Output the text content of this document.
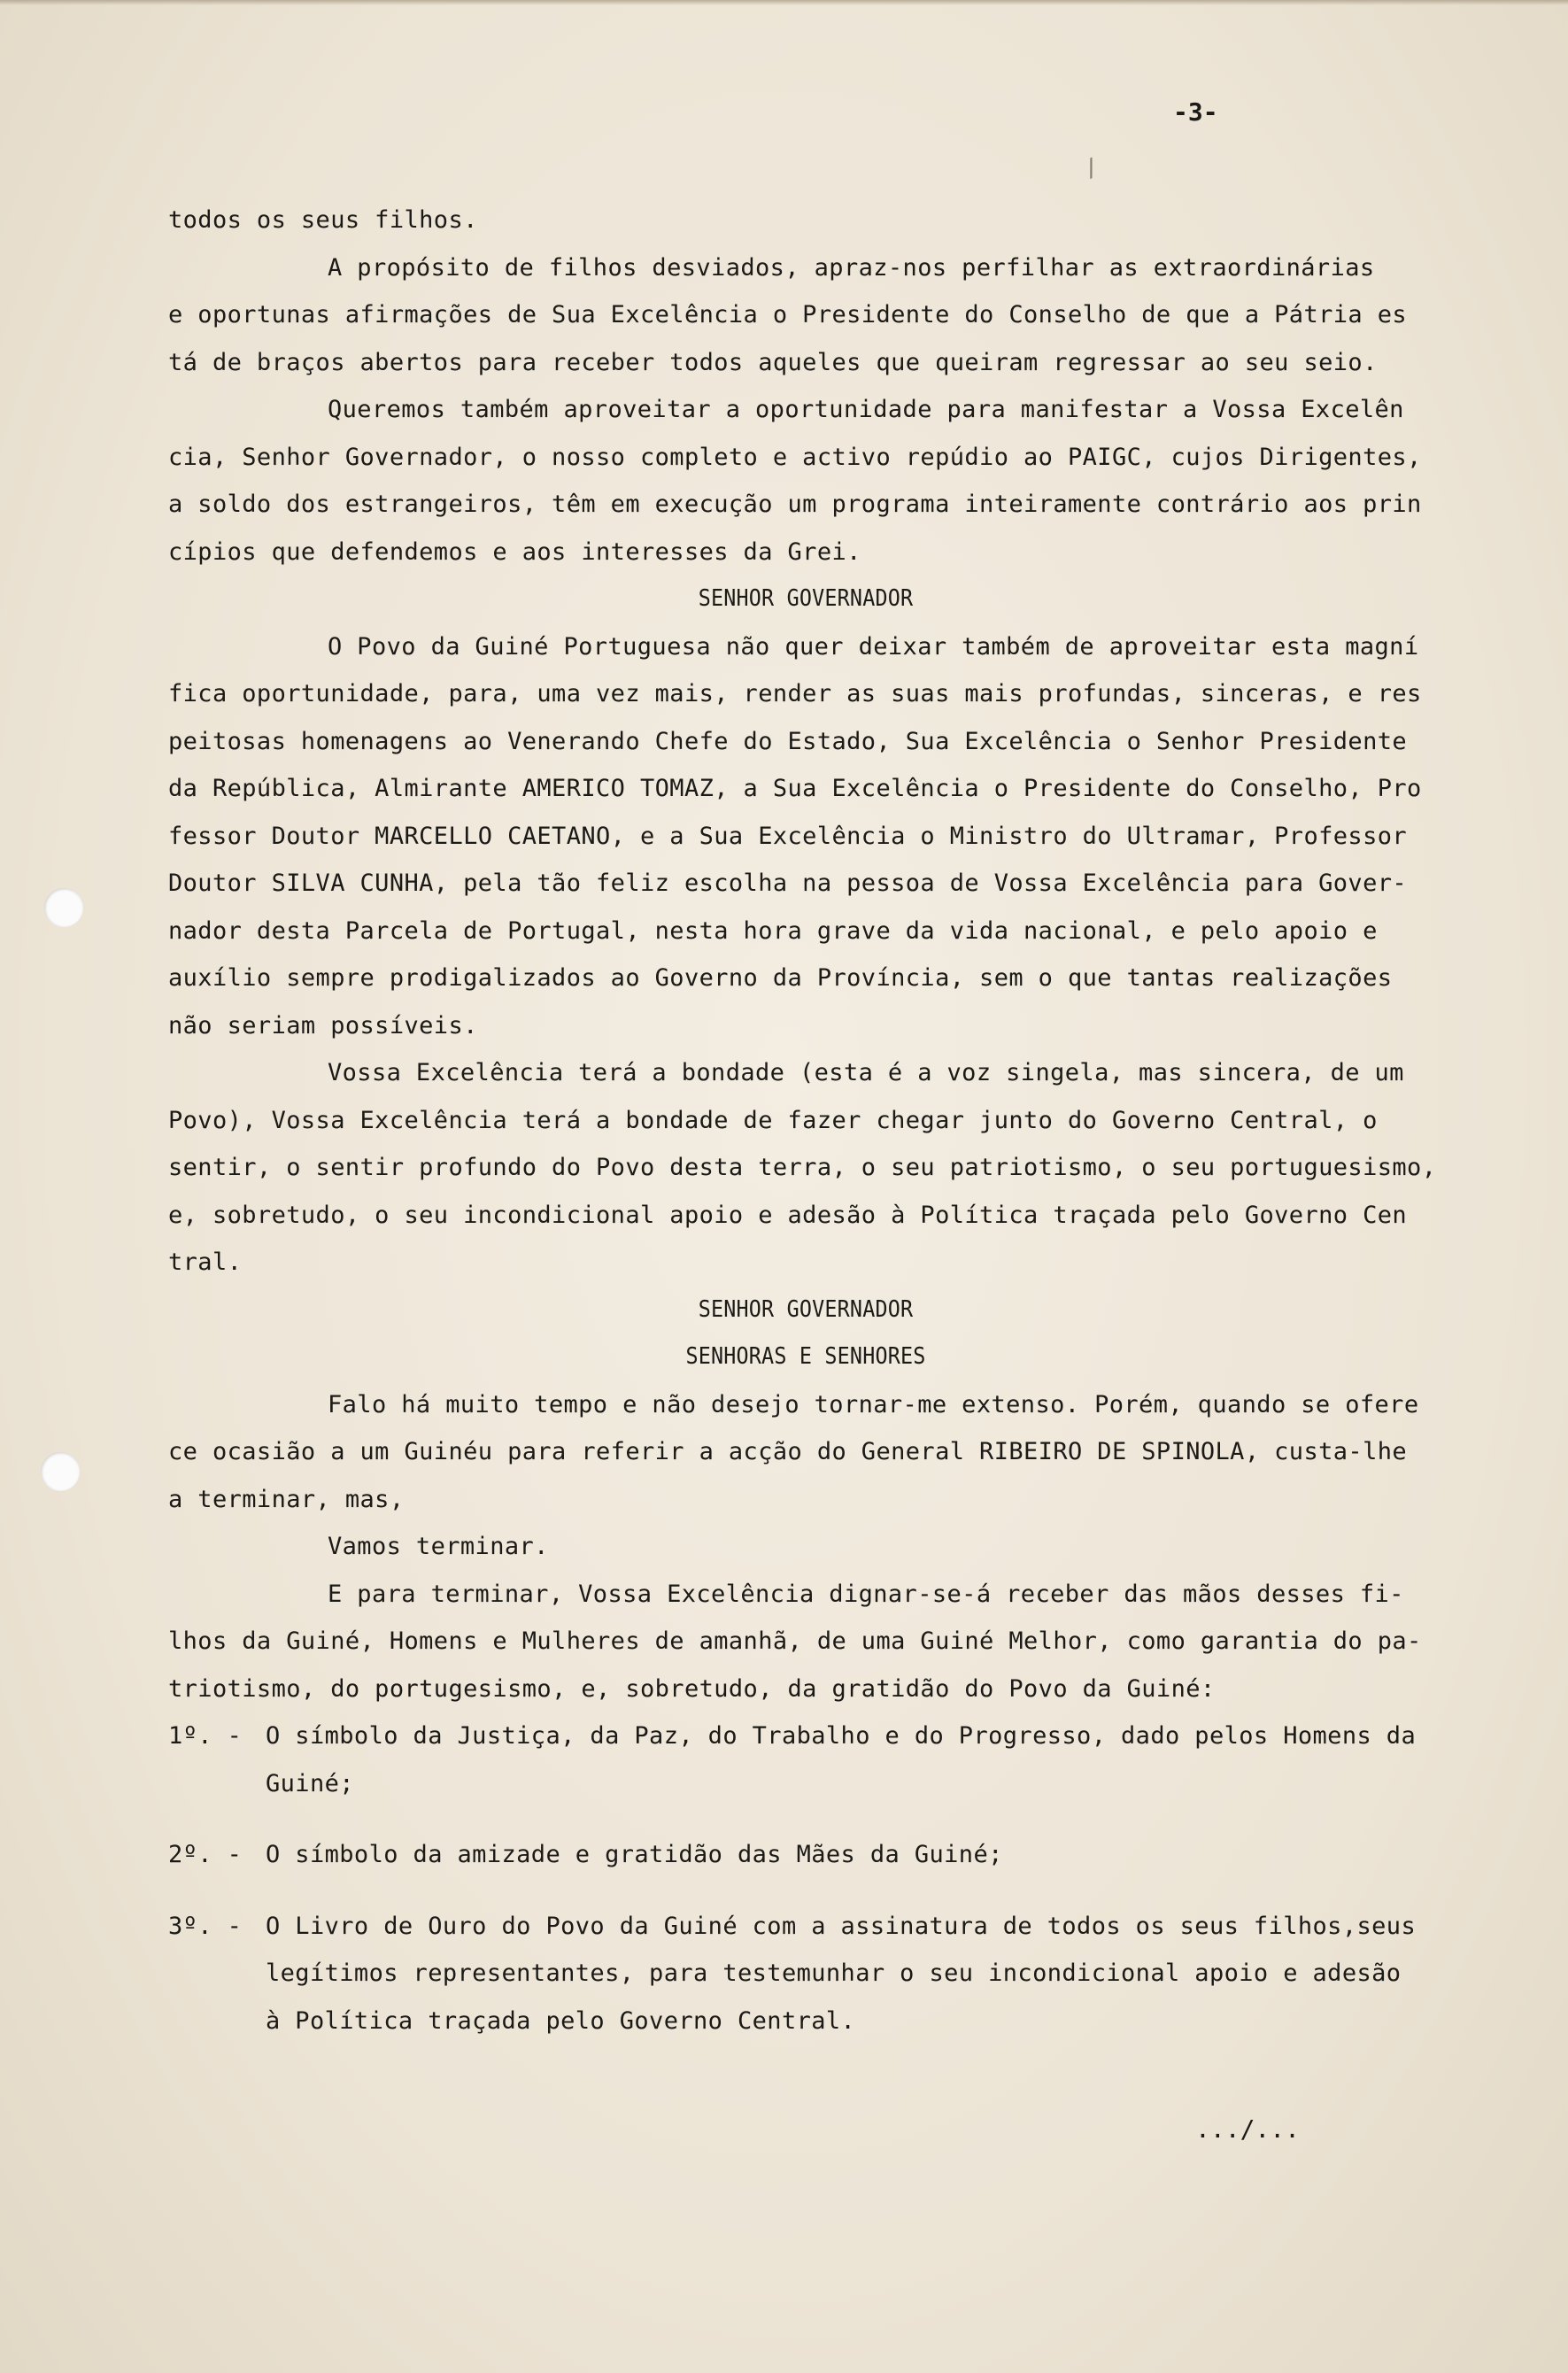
/
-3-
todos os seus filhos.
A propósito de filhos desviados, apraz-nos perfilhar as extraordinárias
e oportunas afirmações de Sua Excelência o Presidente do Conselho de que a Pátria es
tá de braços abertos para receber todos aqueles que queiram regressar ao seu seio.
Queremos também aproveitar a oportunidade para manifestar a Vossa Excelên
cia, Senhor Governador, o nosso completo e activo repúdio ao PAIGC, cujos Dirigentes,
a soldo dos estrangeiros, têm em execução um programa inteiramente contrário aos prin
cípios que defendemos e aos interesses da Grei.
SENHOR GOVERNADOR
O Povo da Guiné Portuguesa não quer deixar também de aproveitar esta magní
fica oportunidade, para, uma vez mais, render as suas mais profundas, sinceras, e res
peitosas homenagens ao Venerando Chefe do Estado, Sua Excelência o Senhor Presidente
da República, Almirante AMERICO TOMAZ, a Sua Excelência o Presidente do Conselho, Pro
fessor Doutor MARCELLO CAETANO, e a Sua Excelência o Ministro do Ultramar, Professor
Doutor SILVA CUNHA, pela tão feliz escolha na pessoa de Vossa Excelência para Gover-
nador desta Parcela de Portugal, nesta hora grave da vida nacional, e pelo apoio e
auxílio sempre prodigalizados ao Governo da Província, sem o que tantas realizações
não seriam possíveis.
Vossa Excelência terá a bondade (esta é a voz singela, mas sincera, de um
Povo), Vossa Excelência terá a bondade de fazer chegar junto do Governo Central, o
sentir, o sentir profundo do Povo desta terra, o seu patriotismo, o seu portuguesismo,
e, sobretudo, o seu incondicional apoio e adesão à Política traçada pelo Governo Cen
tral.
SENHOR GOVERNADOR
SENHORAS E SENHORES
Falo há muito tempo e não desejo tornar-me extenso. Porém, quando se ofere
ce ocasião a um Guinéu para referir a acção do General RIBEIRO DE SPINOLA, custa-lhe
a terminar, mas,
Vamos terminar.
E para terminar, Vossa Excelência dignar-se-á receber das mãos desses fi-
lhos da Guiné, Homens e Mulheres de amanhã, de uma Guiné Melhor, como garantia do pa-
triotismo, do portugesismo, e, sobretudo, da gratidão do Povo da Guiné:
1º. - O símbolo da Justiça, da Paz, do Trabalho e do Progresso, dado pelos Homens da
Guiné;
2º. - O símbolo da amizade e gratidão das Mães da Guiné;
3º. - O Livro de Ouro do Povo da Guiné com a assinatura de todos os seus filhos,seus
legítimos representantes, para testemunhar o seu incondicional apoio e adesão
à Política traçada pelo Governo Central.
.../...
